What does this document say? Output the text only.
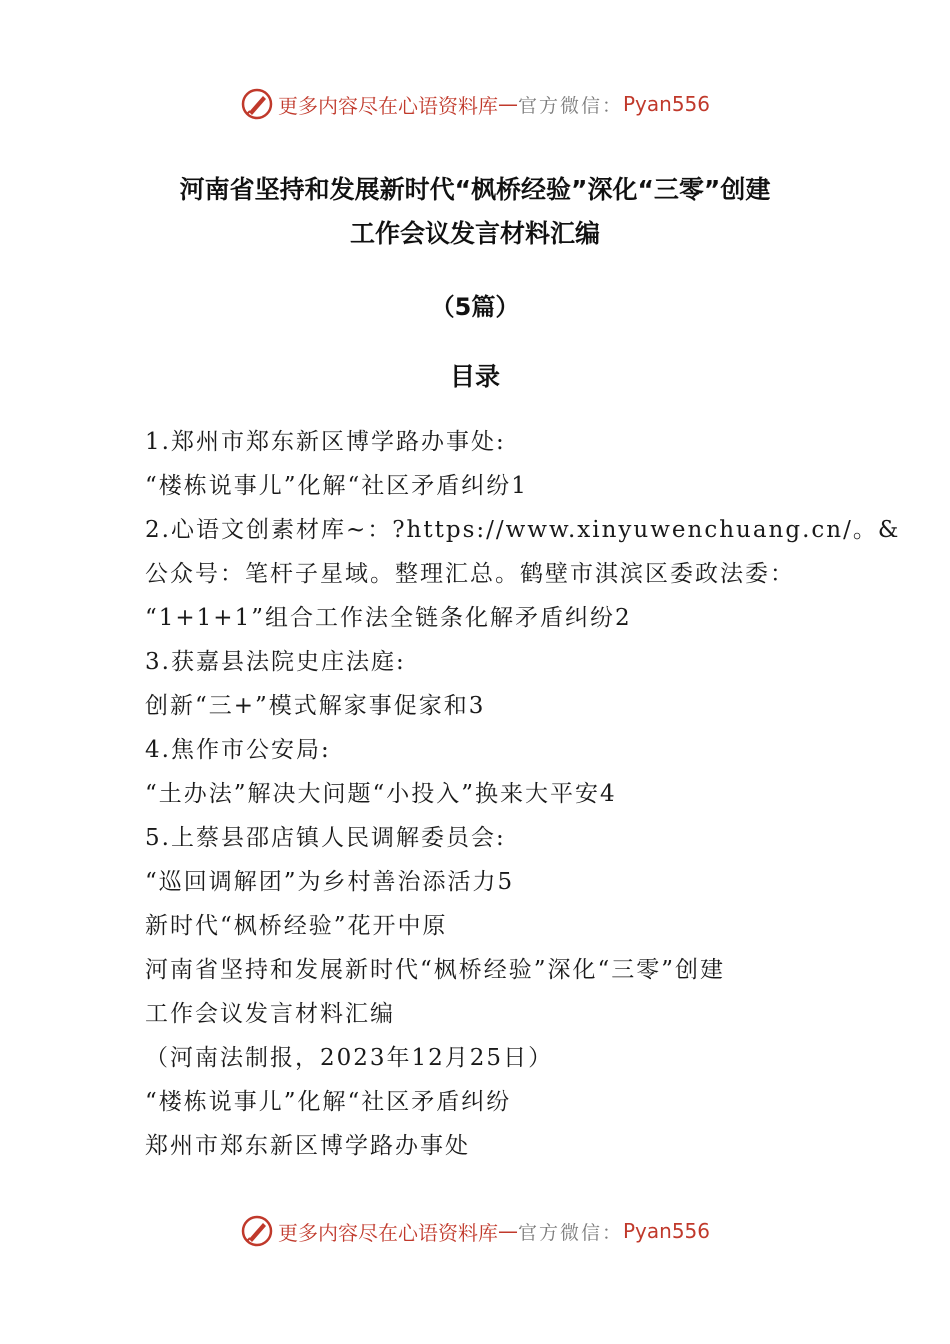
更多内容尽在心语资料库 — 官方微信： Pyan556
河南省坚持和发展新时代“枫桥经验”深化“三零”创建
工作会议发言材料汇编
（5篇）
目录
1.郑州市郑东新区博学路办事处:
“楼栋说事儿”化解“社区矛盾纠纷1
2.心语文创素材库~：?https://www.xinyuwenchuang.cn/。&
公众号：笔杆子星域。整理汇总。鹤壁市淇滨区委政法委：
“1+1+1”组合工作法全链条化解矛盾纠纷2
3.获嘉县法院史庄法庭:
创新“三+”模式解家事促家和3
4.焦作市公安局:
“土办法”解决大问题“小投入”换来大平安4
5.上蔡县邵店镇人民调解委员会:
“巡回调解团”为乡村善治添活力5
新时代“枫桥经验”花开中原
河南省坚持和发展新时代“枫桥经验”深化“三零”创建
工作会议发言材料汇编
（河南法制报，2023年12月25日）
“楼栋说事儿”化解“社区矛盾纠纷
郑州市郑东新区博学路办事处
更多内容尽在心语资料库 — 官方微信： Pyan556
